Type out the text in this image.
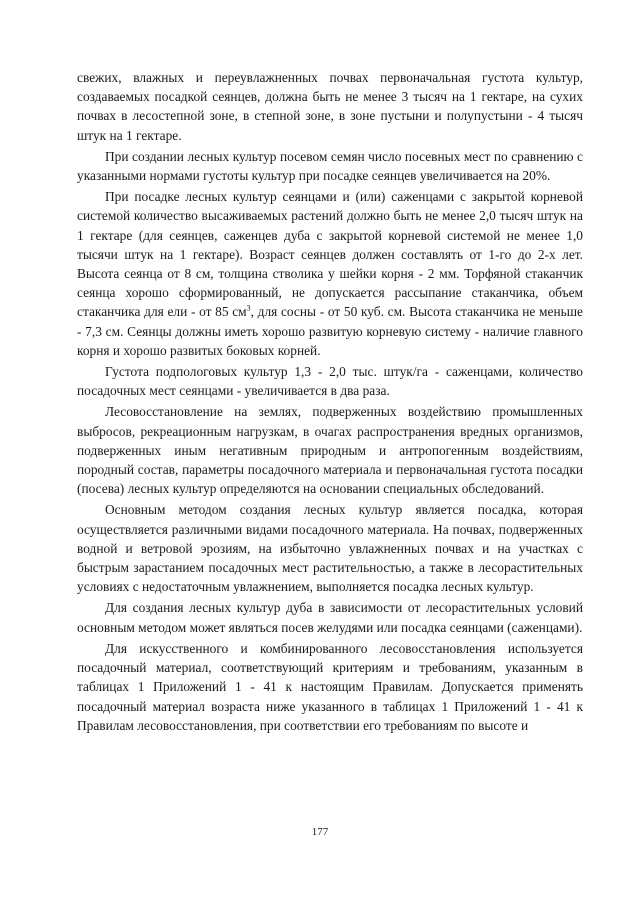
свежих, влажных и переувлажненных почвах первоначальная густота культур, создаваемых посадкой сеянцев, должна быть не менее 3 тысяч на 1 гектаре, на сухих почвах в лесостепной зоне, в степной зоне, в зоне пустыни и полупустыни - 4 тысяч штук на 1 гектаре.

При создании лесных культур посевом семян число посевных мест по сравнению с указанными нормами густоты культур при посадке сеянцев увеличивается на 20%.

При посадке лесных культур сеянцами и (или) саженцами с закрытой корневой системой количество высаживаемых растений должно быть не менее 2,0 тысяч штук на 1 гектаре (для сеянцев, саженцев дуба с закрытой корневой системой не менее 1,0 тысячи штук на 1 гектаре). Возраст сеянцев должен составлять от 1-го до 2-х лет. Высота сеянца от 8 см, толщина стволика у шейки корня - 2 мм. Торфяной стаканчик сеянца хорошо сформированный, не допускается рассыпание стаканчика, объем стаканчика для ели - от 85 $см^3$, для сосны - от 50 куб. см. Высота стаканчика не меньше - 7,3 см. Сеянцы должны иметь хорошо развитую корневую систему - наличие главного корня и хорошо развитых боковых корней.

Густота подпологовых культур 1,3 - 2,0 тыс. штук/га - саженцами, количество посадочных мест сеянцами - увеличивается в два раза.

Лесовосстановление на землях, подверженных воздействию промышленных выбросов, рекреационным нагрузкам, в очагах распространения вредных организмов, подверженных иным негативным природным и антропогенным воздействиям, породный состав, параметры посадочного материала и первоначальная густота посадки (посева) лесных культур определяются на основании специальных обследований.

Основным методом создания лесных культур является посадка, которая осуществляется различными видами посадочного материала. На почвах, подверженных водной и ветровой эрозиям, на избыточно увлажненных почвах и на участках с быстрым зарастанием посадочных мест растительностью, а также в лесорастительных условиях с недостаточным увлажнением, выполняется посадка лесных культур.

Для создания лесных культур дуба в зависимости от лесорастительных условий основным методом может являться посев желудями или посадка сеянцами (саженцами).

Для искусственного и комбинированного лесовосстановления используется посадочный материал, соответствующий критериям и требованиям, указанным в таблицах 1 Приложений 1 - 41 к настоящим Правилам. Допускается применять посадочный материал возраста ниже указанного в таблицах 1 Приложений 1 - 41 к Правилам лесовосстановления, при соответствии его требованиям по высоте и

177
